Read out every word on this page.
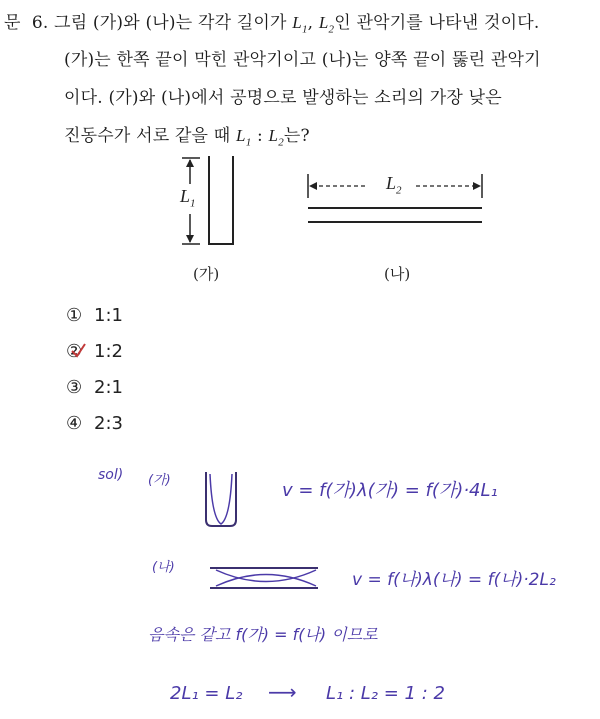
문 6. 그림 (가)와 (나)는 각각 길이가 $L_1$, $L_2$인 관악기를 나타낸 것이다.
(가)는 한쪽 끝이 막힌 관악기이고 (나)는 양쪽 끝이 뚫린 관악기
이다. (가)와 (나)에서 공명으로 발생하는 소리의 가장 낮은
진동수가 서로 같을 때 $L_1$ : $L_2$는?
$L_1$
$L_2$
(가)	(나)
① 1:1
② 1:2
③ 2:1
④ 2:3
sol) (가)	v = f(가)λ(가) = f(가)·4L₁
(나)
v = f(나)λ(나) = f(나)·2L₂
음속은 같고 f(가) = f(나) 이므로
2L₁ = L₂ ⟶ L₁ : L₂ = 1 : 2
